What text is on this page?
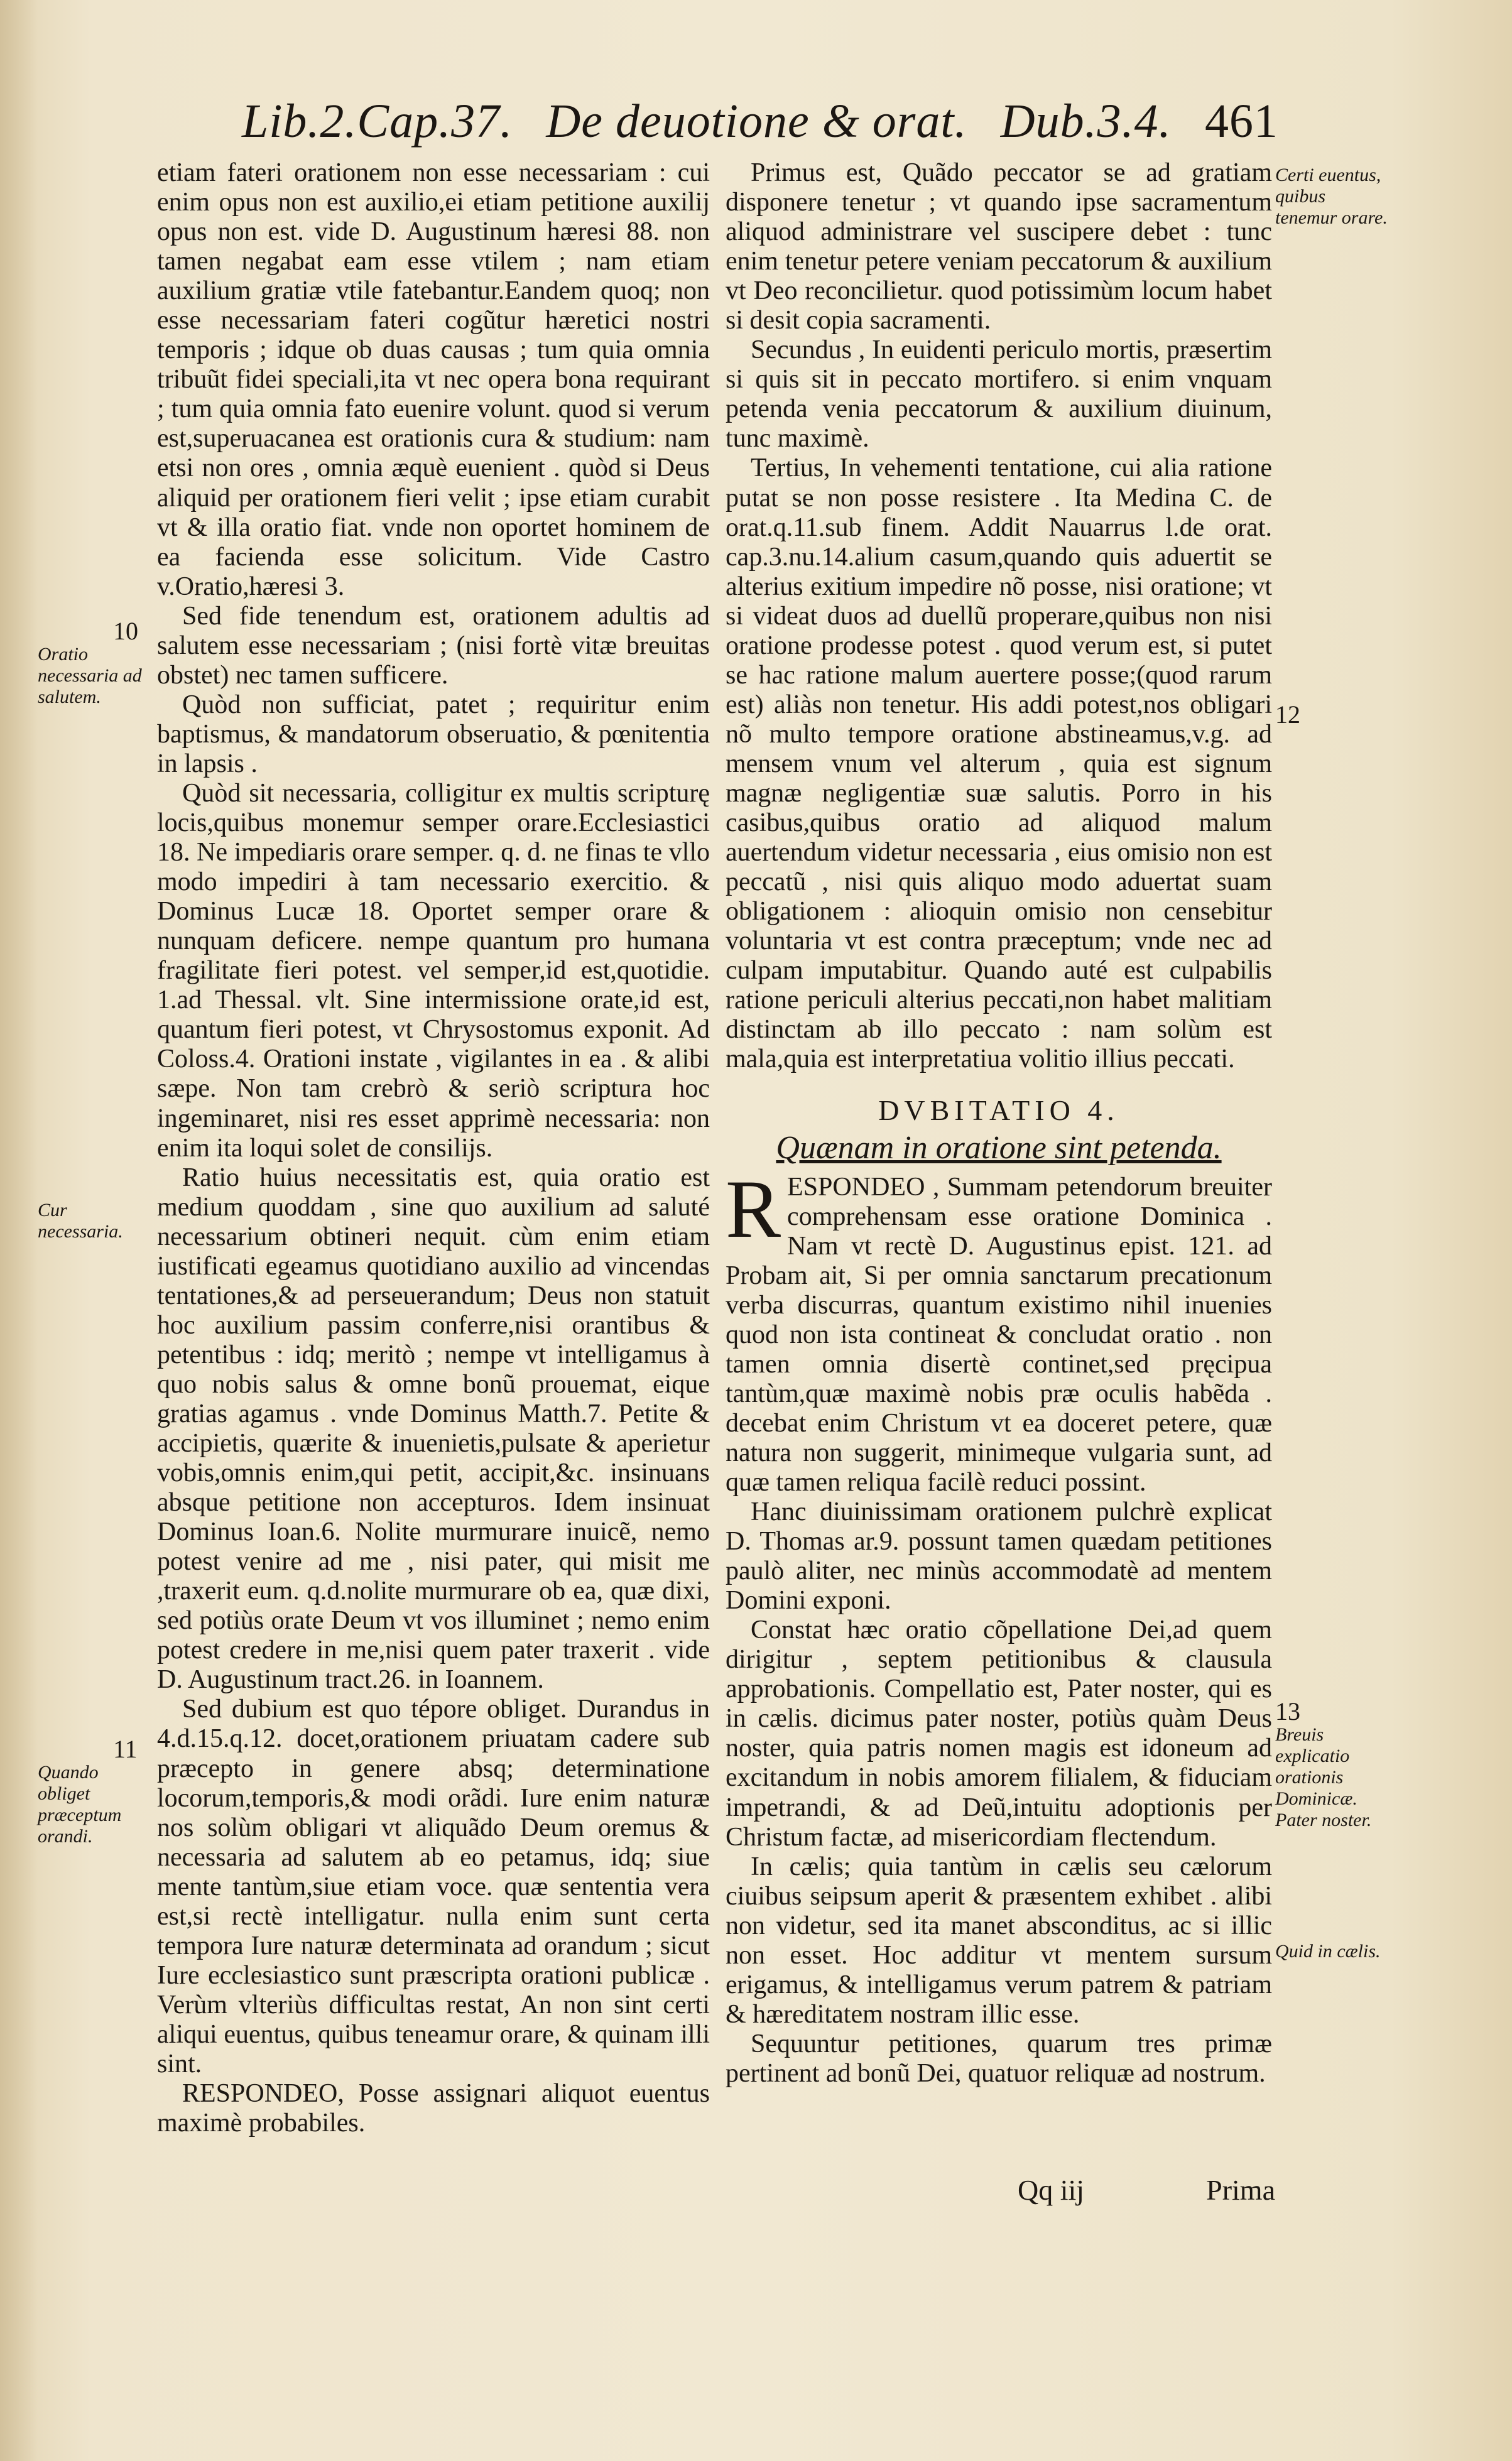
Lib.2.Cap.37. De deuotione & orat. Dub.3.4. 461

etiam fateri orationem non esse necessariam : cui enim opus non est auxilio,ei etiam petitione auxilij opus non est. vide D. Augustinum hæresi 88. non tamen negabat eam esse vtilem ; nam etiam auxilium gratiæ vtile fatebantur.Eandem quoq; non esse necessariam fateri cogũtur hæretici nostri temporis ; idque ob duas causas ; tum quia omnia tribuũt fidei speciali,ita vt nec opera bona requirant ; tum quia omnia fato euenire volunt. quod si verum est,superuacanea est orationis cura & studium: nam etsi non ores , omnia æquè euenient . quòd si Deus aliquid per orationem fieri velit ; ipse etiam curabit vt & illa oratio fiat. vnde non oportet hominem de ea facienda esse solicitum. Vide Castro v.Oratio,hæresi 3.

Sed fide tenendum est, orationem adultis ad salutem esse necessariam ; (nisi fortè vitæ breuitas obstet) nec tamen sufficere.

Quòd non sufficiat, patet ; requiritur enim baptismus, & mandatorum obseruatio, & pœnitentia in lapsis .

Quòd sit necessaria, colligitur ex multis scripturę locis,quibus monemur semper orare.Ecclesiastici 18. Ne impediaris orare semper. q. d. ne finas te vllo modo impediri à tam necessario exercitio. & Dominus Lucæ 18. Oportet semper orare & nunquam deficere. nempe quantum pro humana fragilitate fieri potest. vel semper,id est,quotidie. 1.ad Thessal. vlt. Sine intermissione orate,id est, quantum fieri potest, vt Chrysostomus exponit. Ad Coloss.4. Orationi instate , vigilantes in ea . & alibi sæpe. Non tam crebrò & seriò scriptura hoc ingeminaret, nisi res esset apprimè necessaria: non enim ita loqui solet de consilijs.

Ratio huius necessitatis est, quia oratio est medium quoddam , sine quo auxilium ad saluté necessarium obtineri nequit. cùm enim etiam iustificati egeamus quotidiano auxilio ad vincendas tentationes,& ad perseuerandum; Deus non statuit hoc auxilium passim conferre,nisi orantibus & petentibus : idq; meritò ; nempe vt intelligamus à quo nobis salus & omne bonũ prouemat, eique gratias agamus . vnde Dominus Matth.7. Petite & accipietis, quærite & inuenietis,pulsate & aperietur vobis,omnis enim,qui petit, accipit,&c. insinuans absque petitione non accepturos. Idem insinuat Dominus Ioan.6. Nolite murmurare inuicẽ, nemo potest venire ad me , nisi pater, qui misit me ,traxerit eum. q.d.nolite murmurare ob ea, quæ dixi, sed potiùs orate Deum vt vos illuminet ; nemo enim potest credere in me,nisi quem pater traxerit . vide D. Augustinum tract.26. in Ioannem.

Sed dubium est quo tépore obliget. Durandus in 4.d.15.q.12. docet,orationem priuatam cadere sub præcepto in genere absq; determinatione locorum,temporis,& modi orãdi. Iure enim naturæ nos solùm obligari vt aliquãdo Deum oremus & necessaria ad salutem ab eo petamus, idq; siue mente tantùm,siue etiam voce. quæ sententia vera est,si rectè intelligatur. nulla enim sunt certa tempora Iure naturæ determinata ad orandum ; sicut Iure ecclesiastico sunt præscripta orationi publicæ . Verùm vlteriùs difficultas restat, An non sint certi aliqui euentus, quibus teneamur orare, & quinam illi sint.

RESPONDEO, Posse assignari aliquot euentus maximè probabiles.

Primus est, Quãdo peccator se ad gratiam disponere tenetur ; vt quando ipse sacramentum aliquod administrare vel suscipere debet : tunc enim tenetur petere veniam peccatorum & auxilium vt Deo reconcilietur. quod potissimùm locum habet si desit copia sacramenti.

Secundus , In euidenti periculo mortis, præsertim si quis sit in peccato mortifero. si enim vnquam petenda venia peccatorum & auxilium diuinum, tunc maximè.

Tertius, In vehementi tentatione, cui alia ratione putat se non posse resistere . Ita Medina C. de orat.q.11.sub finem. Addit Nauarrus l.de orat. cap.3.nu.14.alium casum,quando quis aduertit se alterius exitium impedire nõ posse, nisi oratione; vt si videat duos ad duellũ properare,quibus non nisi oratione prodesse potest . quod verum est, si putet se hac ratione malum auertere posse;(quod rarum est) aliàs non tenetur. His addi potest,nos obligari nõ multo tempore oratione abstineamus,v.g. ad mensem vnum vel alterum , quia est signum magnæ negligentiæ suæ salutis. Porro in his casibus,quibus oratio ad aliquod malum auertendum videtur necessaria , eius omisio non est peccatũ , nisi quis aliquo modo aduertat suam obligationem : alioquin omisio non censebitur voluntaria vt est contra præceptum; vnde nec ad culpam imputabitur. Quando auté est culpabilis ratione periculi alterius peccati,non habet malitiam distinctam ab illo peccato : nam solùm est mala,quia est interpretatiua volitio illius peccati.

DVBITATIO 4.
Quænam in oratione sint petenda.

RESPONDEO , Summam petendorum breuiter comprehensam esse oratione Dominica . Nam vt rectè D. Augustinus epist. 121. ad Probam ait, Si per omnia sanctarum precationum verba discurras, quantum existimo nihil inuenies quod non ista contineat & concludat oratio . non tamen omnia disertè continet,sed pręcipua tantùm,quæ maximè nobis præ oculis habẽda . decebat enim Christum vt ea doceret petere, quæ natura non suggerit, minimeque vulgaria sunt, ad quæ tamen reliqua facilè reduci possint.

Hanc diuinissimam orationem pulchrè explicat D. Thomas ar.9. possunt tamen quædam petitiones paulò aliter, nec minùs accommodatè ad mentem Domini exponi.

Constat hæc oratio cõpellatione Dei,ad quem dirigitur , septem petitionibus & clausula approbationis. Compellatio est, Pater noster, qui es in cælis. dicimus pater noster, potiùs quàm Deus noster, quia patris nomen magis est idoneum ad excitandum in nobis amorem filialem, & fiduciam impetrandi, & ad Deũ,intuitu adoptionis per Christum factæ, ad misericordiam flectendum.

In cælis; quia tantùm in cælis seu cælorum ciuibus seipsum aperit & præsentem exhibet . alibi non videtur, sed ita manet absconditus, ac si illic non esset. Hoc additur vt mentem sursum erigamus, & intelligamus verum patrem & patriam & hæreditatem nostram illic esse.

Sequuntur petitiones, quarum tres primæ pertinent ad bonũ Dei, quatuor reliquæ ad nostrum.

10
Oratio necessaria ad salutem.
Cur necessaria.
11
Quando obliget præceptum orandi.
Certi euentus, quibus tenemur orare.
12
13
Breuis explicatio orationis Dominicæ. Pater noster.
Quid in cælis.
Qq iij	Prima
